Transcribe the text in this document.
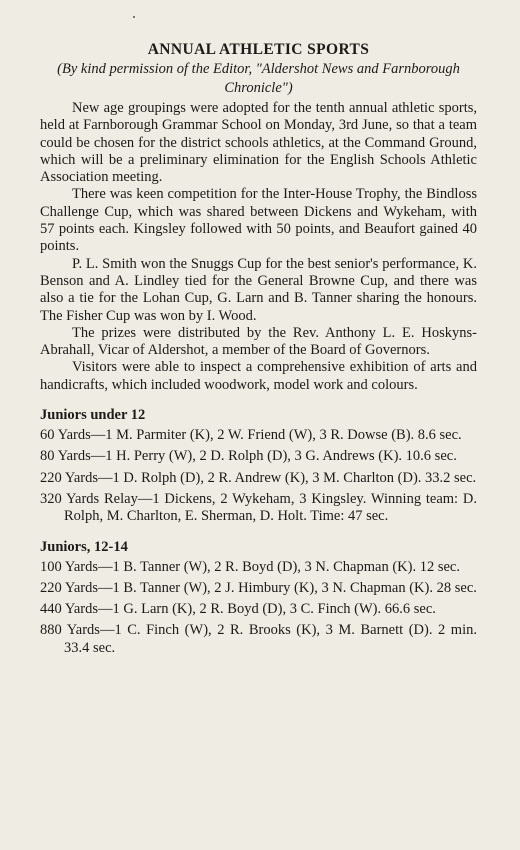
ANNUAL ATHLETIC SPORTS

(By kind permission of the Editor, "Aldershot News and Farnborough Chronicle")

New age groupings were adopted for the tenth annual athletic sports, held at Farnborough Grammar School on Monday, 3rd June, so that a team could be chosen for the district schools athletics, at the Command Ground, which will be a preliminary elimination for the English Schools Athletic Association meeting.

There was keen competition for the Inter-House Trophy, the Bindloss Challenge Cup, which was shared between Dickens and Wykeham, with 57 points each. Kingsley followed with 50 points, and Beaufort gained 40 points.

P. L. Smith won the Snuggs Cup for the best senior's performance, K. Benson and A. Lindley tied for the General Browne Cup, and there was also a tie for the Lohan Cup, G. Larn and B. Tanner sharing the honours. The Fisher Cup was won by I. Wood.

The prizes were distributed by the Rev. Anthony L. E. Hoskyns-Abrahall, Vicar of Aldershot, a member of the Board of Governors.

Visitors were able to inspect a comprehensive exhibition of arts and handicrafts, which included woodwork, model work and colours.

Juniors under 12

60 Yards—1 M. Parmiter (K), 2 W. Friend (W), 3 R. Dowse (B). 8.6 sec.

80 Yards—1 H. Perry (W), 2 D. Rolph (D), 3 G. Andrews (K). 10.6 sec.

220 Yards—1 D. Rolph (D), 2 R. Andrew (K), 3 M. Charlton (D). 33.2 sec.

320 Yards Relay—1 Dickens, 2 Wykeham, 3 Kingsley. Winning team: D. Rolph, M. Charlton, E. Sherman, D. Holt. Time: 47 sec.

Juniors, 12-14

100 Yards—1 B. Tanner (W), 2 R. Boyd (D), 3 N. Chapman (K). 12 sec.

220 Yards—1 B. Tanner (W), 2 J. Himbury (K), 3 N. Chapman (K). 28 sec.

440 Yards—1 G. Larn (K), 2 R. Boyd (D), 3 C. Finch (W). 66.6 sec.

880 Yards—1 C. Finch (W), 2 R. Brooks (K), 3 M. Barnett (D). 2 min. 33.4 sec.
